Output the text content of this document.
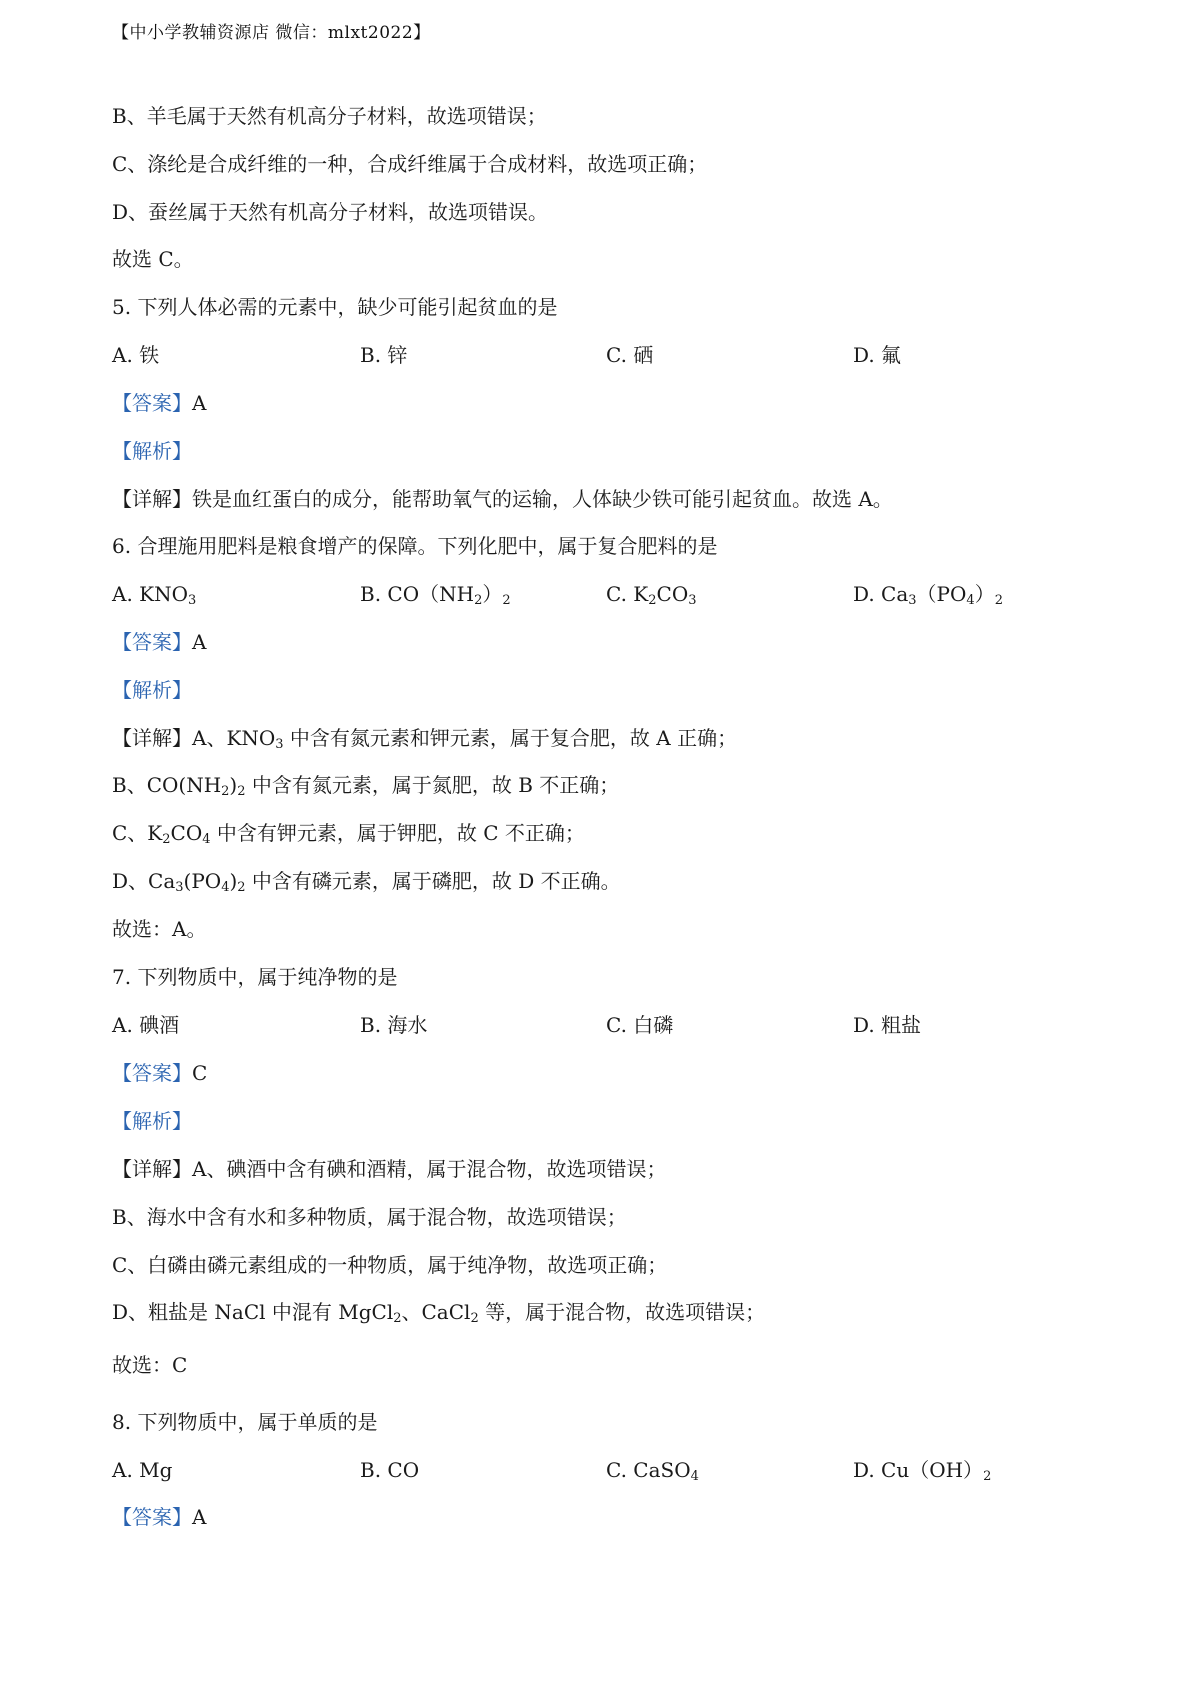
【中小学教辅资源店 微信：mlxt2022】
B、羊毛属于天然有机高分子材料，故选项错误；
C、涤纶是合成纤维的一种，合成纤维属于合成材料，故选项正确；
D、蚕丝属于天然有机高分子材料，故选项错误。
故选 C。
5. 下列人体必需的元素中，缺少可能引起贫血的是
A. 铁	B. 锌	C. 硒	D. 氟
【答案】A
【解析】
【详解】铁是血红蛋白的成分，能帮助氧气的运输，人体缺少铁可能引起贫血。故选 A。
6. 合理施用肥料是粮食增产的保障。下列化肥中，属于复合肥料的是
A. $KNO_3$	B. $CO(NH_2)_2$	C. $K_2CO_3$	D. $Ca_3(PO_4)_2$
【答案】A
【解析】
【详解】A、$KNO_3$ 中含有氮元素和钾元素，属于复合肥，故 A 正确；
B、$CO(NH_2)_2$ 中含有氮元素，属于氮肥，故 B 不正确；
C、$K_2CO_4$ 中含有钾元素，属于钾肥，故 C 不正确；
D、$Ca_3(PO_4)_2$ 中含有磷元素，属于磷肥，故 D 不正确。
故选：A。
7. 下列物质中，属于纯净物的是
A. 碘酒	B. 海水	C. 白磷	D. 粗盐
【答案】C
【解析】
【详解】A、碘酒中含有碘和酒精，属于混合物，故选项错误；
B、海水中含有水和多种物质，属于混合物，故选项错误；
C、白磷由磷元素组成的一种物质，属于纯净物，故选项正确；
D、粗盐是 NaCl 中混有 MgCl$_2$、CaCl$_2$ 等，属于混合物，故选项错误；
故选：C
8. 下列物质中，属于单质的是
A. Mg	B. CO	C. CaSO$_4$	D. $Cu(OH)_2$
【答案】A
